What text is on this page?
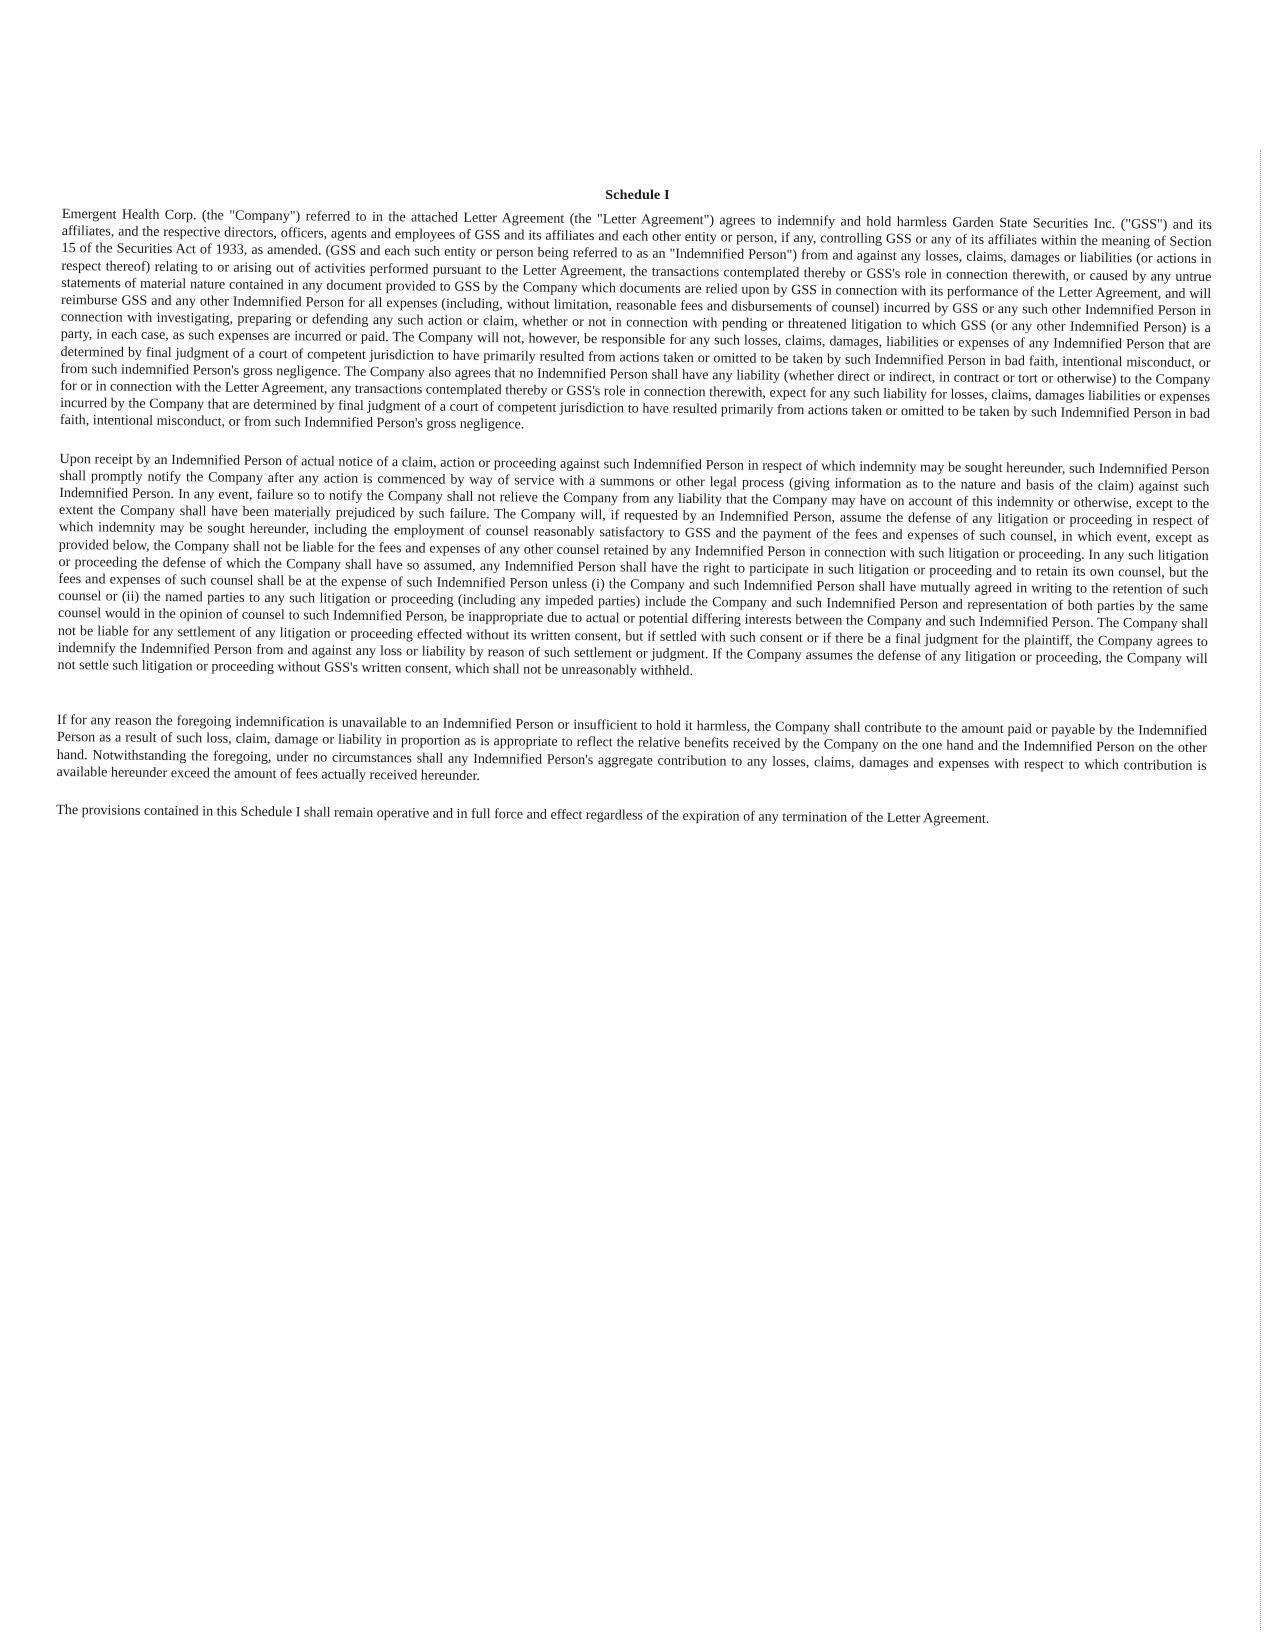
Schedule I

Emergent Health Corp. (the "Company") referred to in the attached Letter Agreement (the "Letter Agreement") agrees to indemnify and hold harmless Garden State Securities Inc. ("GSS") and its affiliates, and the respective directors, officers, agents and employees of GSS and its affiliates and each other entity or person, if any, controlling GSS or any of its affiliates within the meaning of Section 15 of the Securities Act of 1933, as amended. (GSS and each such entity or person being referred to as an "Indemnified Person") from and against any losses, claims, damages or liabilities (or actions in respect thereof) relating to or arising out of activities performed pursuant to the Letter Agreement, the transactions contemplated thereby or GSS's role in connection therewith, or caused by any untrue statements of material nature contained in any document provided to GSS by the Company which documents are relied upon by GSS in connection with its performance of the Letter Agreement, and will reimburse GSS and any other Indemnified Person for all expenses (including, without limitation, reasonable fees and disbursements of counsel) incurred by GSS or any such other Indemnified Person in connection with investigating, preparing or defending any such action or claim, whether or not in connection with pending or threatened litigation to which GSS (or any other Indemnified Person) is a party, in each case, as such expenses are incurred or paid. The Company will not, however, be responsible for any such losses, claims, damages, liabilities or expenses of any Indemnified Person that are determined by final judgment of a court of competent jurisdiction to have primarily resulted from actions taken or omitted to be taken by such Indemnified Person in bad faith, intentional misconduct, or from such indemnified Person's gross negligence. The Company also agrees that no Indemnified Person shall have any liability (whether direct or indirect, in contract or tort or otherwise) to the Company for or in connection with the Letter Agreement, any transactions contemplated thereby or GSS's role in connection therewith, expect for any such liability for losses, claims, damages liabilities or expenses incurred by the Company that are determined by final judgment of a court of competent jurisdiction to have resulted primarily from actions taken or omitted to be taken by such Indemnified Person in bad faith, intentional misconduct, or from such Indemnified Person's gross negligence.

Upon receipt by an Indemnified Person of actual notice of a claim, action or proceeding against such Indemnified Person in respect of which indemnity may be sought hereunder, such Indemnified Person shall promptly notify the Company after any action is commenced by way of service with a summons or other legal process (giving information as to the nature and basis of the claim) against such Indemnified Person. In any event, failure so to notify the Company shall not relieve the Company from any liability that the Company may have on account of this indemnity or otherwise, except to the extent the Company shall have been materially prejudiced by such failure. The Company will, if requested by an Indemnified Person, assume the defense of any litigation or proceeding in respect of which indemnity may be sought hereunder, including the employment of counsel reasonably satisfactory to GSS and the payment of the fees and expenses of such counsel, in which event, except as provided below, the Company shall not be liable for the fees and expenses of any other counsel retained by any Indemnified Person in connection with such litigation or proceeding. In any such litigation or proceeding the defense of which the Company shall have so assumed, any Indemnified Person shall have the right to participate in such litigation or proceeding and to retain its own counsel, but the fees and expenses of such counsel shall be at the expense of such Indemnified Person unless (i) the Company and such Indemnified Person shall have mutually agreed in writing to the retention of such counsel or (ii) the named parties to any such litigation or proceeding (including any impeded parties) include the Company and such Indemnified Person and representation of both parties by the same counsel would in the opinion of counsel to such Indemnified Person, be inappropriate due to actual or potential differing interests between the Company and such Indemnified Person. The Company shall not be liable for any settlement of any litigation or proceeding effected without its written consent, but if settled with such consent or if there be a final judgment for the plaintiff, the Company agrees to indemnify the Indemnified Person from and against any loss or liability by reason of such settlement or judgment. If the Company assumes the defense of any litigation or proceeding, the Company will not settle such litigation or proceeding without GSS's written consent, which shall not be unreasonably withheld.

If for any reason the foregoing indemnification is unavailable to an Indemnified Person or insufficient to hold it harmless, the Company shall contribute to the amount paid or payable by the Indemnified Person as a result of such loss, claim, damage or liability in proportion as is appropriate to reflect the relative benefits received by the Company on the one hand and the Indemnified Person on the other hand. Notwithstanding the foregoing, under no circumstances shall any Indemnified Person's aggregate contribution to any losses, claims, damages and expenses with respect to which contribution is available hereunder exceed the amount of fees actually received hereunder.

The provisions contained in this Schedule I shall remain operative and in full force and effect regardless of the expiration of any termination of the Letter Agreement.
